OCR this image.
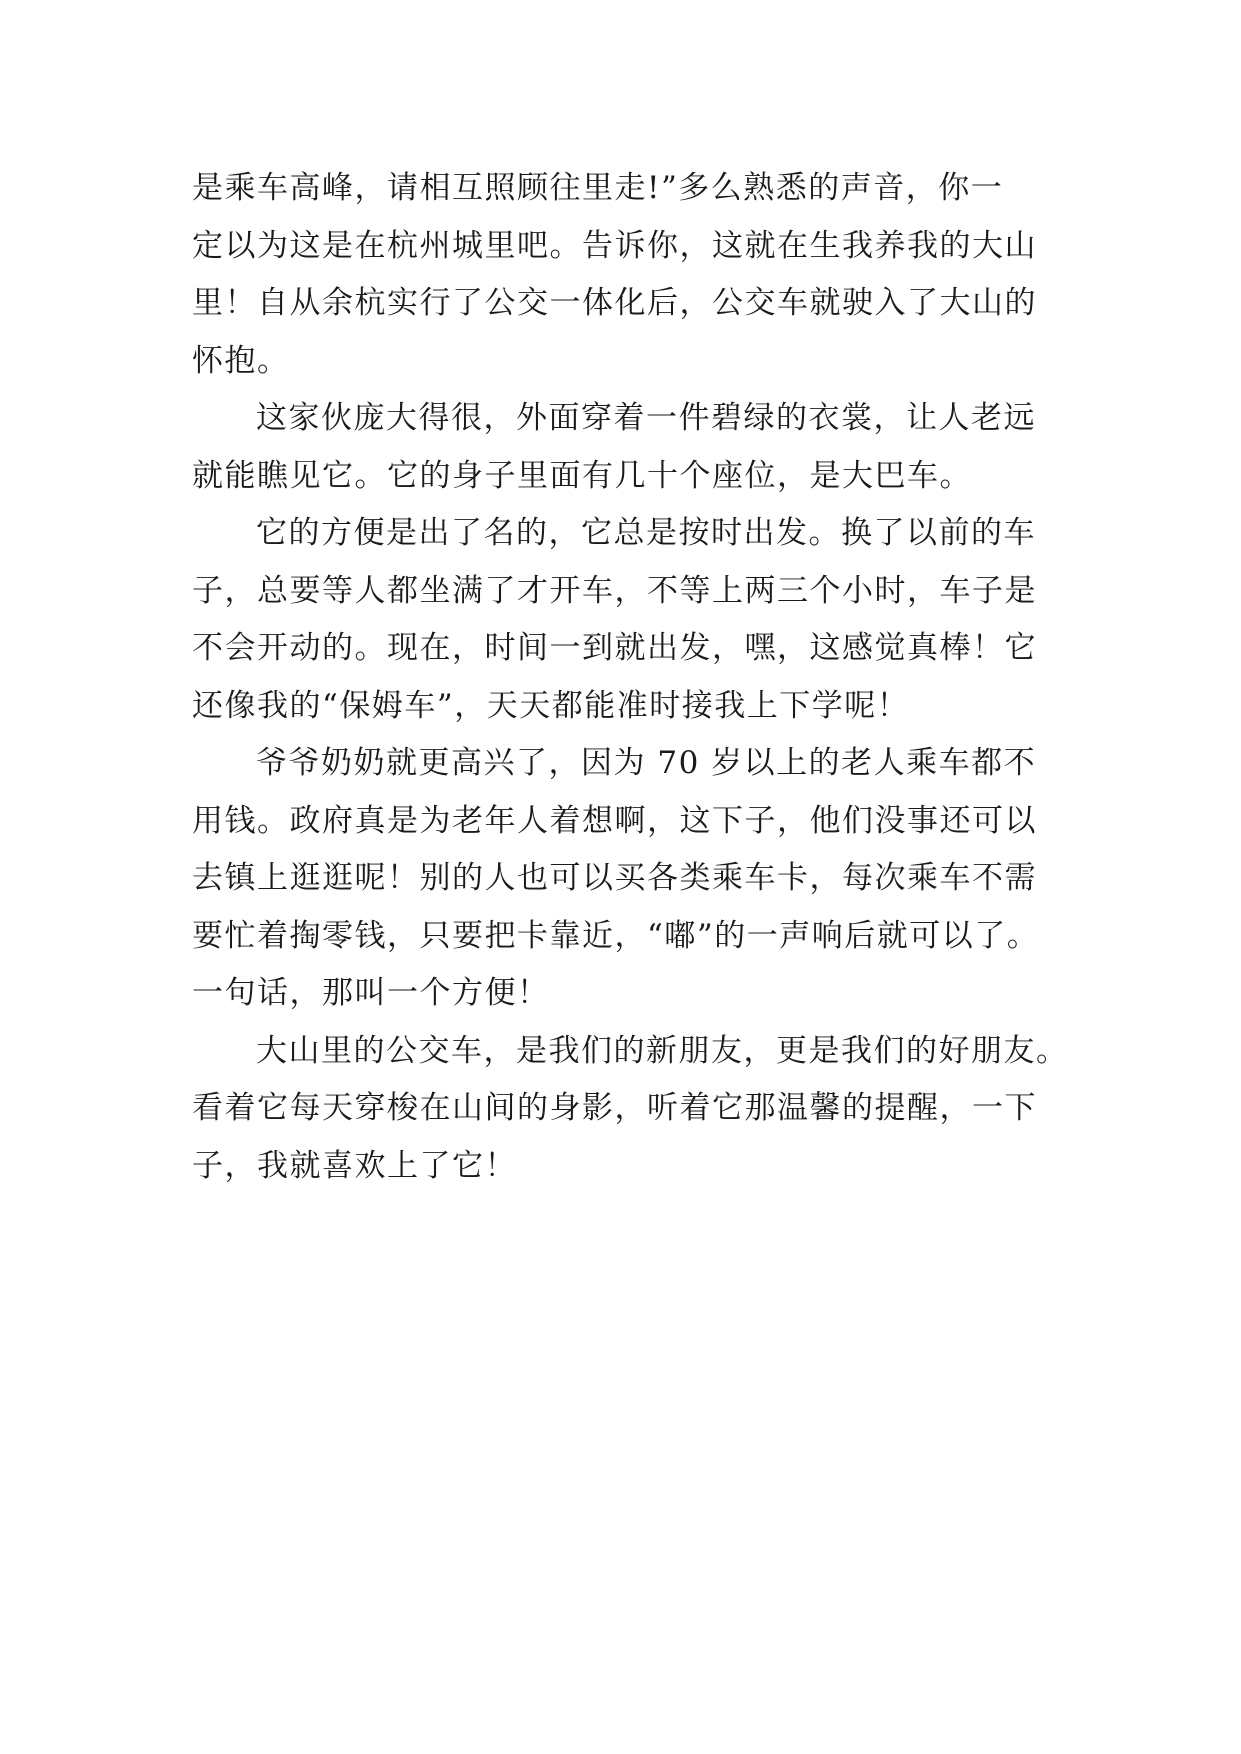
是乘车高峰，请相互照顾往里走!”多么熟悉的声音，你一
定以为这是在杭州城里吧。告诉你，这就在生我养我的大山
里！自从余杭实行了公交一体化后，公交车就驶入了大山的
怀抱。
这家伙庞大得很，外面穿着一件碧绿的衣裳，让人老远
就能瞧见它。它的身子里面有几十个座位，是大巴车。
它的方便是出了名的，它总是按时出发。换了以前的车
子，总要等人都坐满了才开车，不等上两三个小时，车子是
不会开动的。现在，时间一到就出发，嘿，这感觉真棒！它
还像我的“保姆车”，天天都能准时接我上下学呢！
爷爷奶奶就更高兴了，因为 70 岁以上的老人乘车都不
用钱。政府真是为老年人着想啊，这下子，他们没事还可以
去镇上逛逛呢！别的人也可以买各类乘车卡，每次乘车不需
要忙着掏零钱，只要把卡靠近，“嘟”的一声响后就可以了。
一句话，那叫一个方便！
大山里的公交车，是我们的新朋友，更是我们的好朋友。
看着它每天穿梭在山间的身影，听着它那温馨的提醒，一下
子，我就喜欢上了它！
